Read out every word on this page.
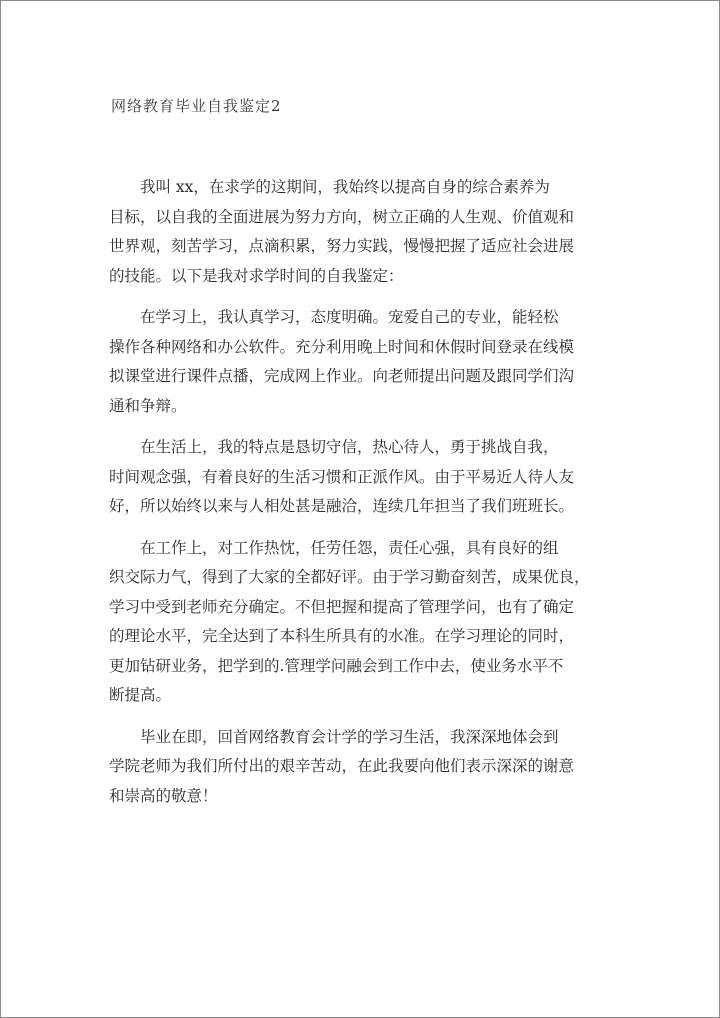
网络教育毕业自我鉴定2

我叫 xx，在求学的这期间，我始终以提高自身的综合素养为
目标，以自我的全面进展为努力方向，树立正确的人生观、价值观和
世界观，刻苦学习，点滴积累，努力实践，慢慢把握了适应社会进展
的技能。以下是我对求学时间的自我鉴定：

在学习上，我认真学习，态度明确。宠爱自己的专业，能轻松
操作各种网络和办公软件。充分利用晚上时间和休假时间登录在线模
拟课堂进行课件点播，完成网上作业。向老师提出问题及跟同学们沟
通和争辩。

在生活上，我的特点是恳切守信，热心待人，勇于挑战自我，
时间观念强，有着良好的生活习惯和正派作风。由于平易近人待人友
好，所以始终以来与人相处甚是融洽，连续几年担当了我们班班长。

在工作上，对工作热忱，任劳任怨，责任心强，具有良好的组
织交际力气，得到了大家的全都好评。由于学习勤奋刻苦，成果优良，
学习中受到老师充分确定。不但把握和提高了管理学问，也有了确定
的理论水平，完全达到了本科生所具有的水准。在学习理论的同时，
更加钻研业务，把学到的.管理学问融会到工作中去，使业务水平不
断提高。

毕业在即，回首网络教育会计学的学习生活，我深深地体会到
学院老师为我们所付出的艰辛苦动，在此我要向他们表示深深的谢意
和崇高的敬意！
